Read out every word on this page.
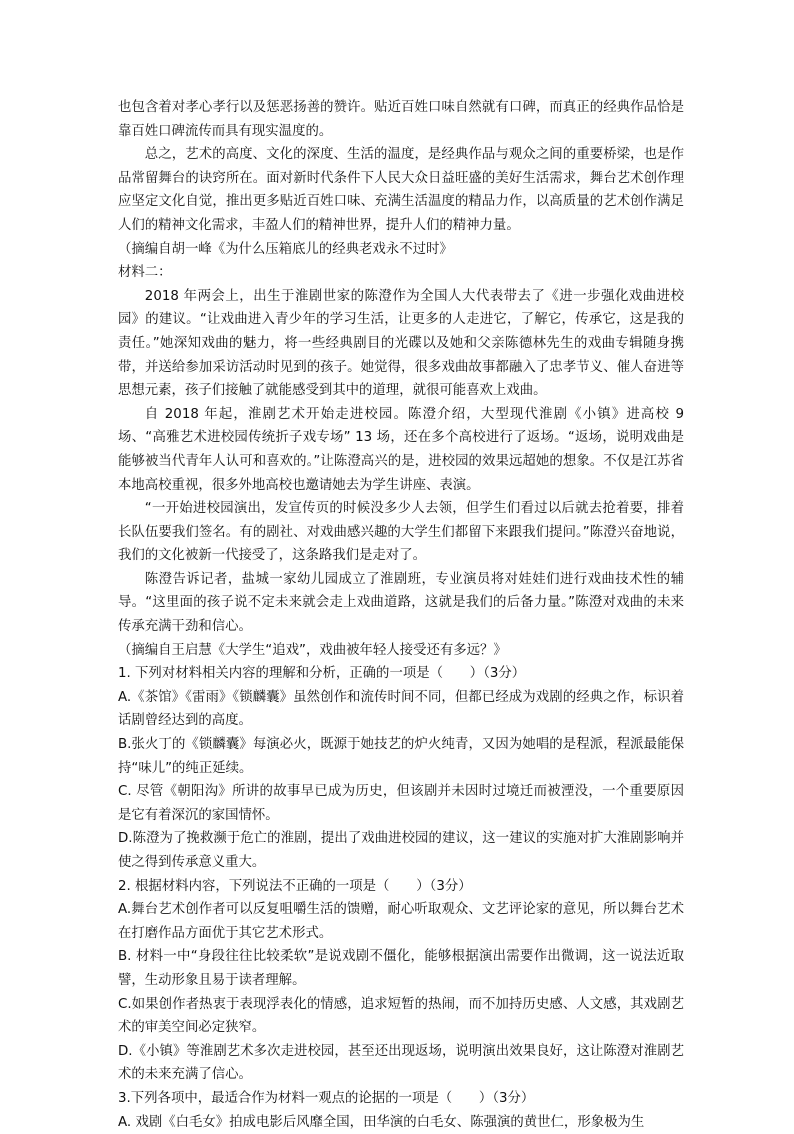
也包含着对孝心孝行以及惩恶扬善的赞许。贴近百姓口味自然就有口碑，而真正的经典作品恰是靠百姓口碑流传而具有现实温度的。

总之，艺术的高度、文化的深度、生活的温度，是经典作品与观众之间的重要桥梁，也是作品常留舞台的诀窍所在。面对新时代条件下人民大众日益旺盛的美好生活需求，舞台艺术创作理应坚定文化自觉，推出更多贴近百姓口味、充满生活温度的精品力作，以高质量的艺术创作满足人们的精神文化需求，丰盈人们的精神世界，提升人们的精神力量。

（摘编自胡一峰《为什么压箱底儿的经典老戏永不过时》

材料二：

2018 年两会上，出生于淮剧世家的陈澄作为全国人大代表带去了《进一步强化戏曲进校园》的建议。“让戏曲进入青少年的学习生活，让更多的人走进它，了解它，传承它，这是我的责任。”她深知戏曲的魅力，将一些经典剧目的光碟以及她和父亲陈德林先生的戏曲专辑随身携带，并送给参加采访活动时见到的孩子。她觉得，很多戏曲故事都融入了忠孝节义、催人奋进等思想元素，孩子们接触了就能感受到其中的道理，就很可能喜欢上戏曲。

自 2018 年起，淮剧艺术开始走进校园。陈澄介绍，大型现代淮剧《小镇》进高校 9 场、“高雅艺术进校园传统折子戏专场” 13 场，还在多个高校进行了返场。“返场，说明戏曲是能够被当代青年人认可和喜欢的。”让陈澄高兴的是，进校园的效果远超她的想象。不仅是江苏省本地高校重视，很多外地高校也邀请她去为学生讲座、表演。

“一开始进校园演出，发宣传页的时候没多少人去领，但学生们看过以后就去抢着要，排着长队伍要我们签名。有的剧社、对戏曲感兴趣的大学生们都留下来跟我们提问。”陈澄兴奋地说，我们的文化被新一代接受了，这条路我们是走对了。

陈澄告诉记者，盐城一家幼儿园成立了淮剧班，专业演员将对娃娃们进行戏曲技术性的辅导。“这里面的孩子说不定未来就会走上戏曲道路，这就是我们的后备力量。”陈澄对戏曲的未来传承充满干劲和信心。

（摘编自王启慧《大学生“追戏”，戏曲被年轻人接受还有多远？》

1. 下列对材料相关内容的理解和分析，正确的一项是（　　）（3分）

A.《茶馆》《雷雨》《锁麟囊》虽然创作和流传时间不同，但都已经成为戏剧的经典之作，标识着话剧曾经达到的高度。

B.张火丁的《锁麟囊》每演必火，既源于她技艺的炉火纯青，又因为她唱的是程派，程派最能保持“味儿”的纯正延续。

C. 尽管《朝阳沟》所讲的故事早已成为历史，但该剧并未因时过境迁而被湮没，一个重要原因是它有着深沉的家国情怀。

D.陈澄为了挽救濒于危亡的淮剧，提出了戏曲进校园的建议，这一建议的实施对扩大淮剧影响并使之得到传承意义重大。

2. 根据材料内容，下列说法不正确的一项是（　　）（3分）

A.舞台艺术创作者可以反复咀嚼生活的馈赠，耐心听取观众、文艺评论家的意见，所以舞台艺术在打磨作品方面优于其它艺术形式。

B. 材料一中“身段往往比较柔软”是说戏剧不僵化，能够根据演出需要作出微调，这一说法近取譬，生动形象且易于读者理解。

C.如果创作者热衷于表现浮表化的情感，追求短暂的热闹，而不加持历史感、人文感，其戏剧艺术的审美空间必定狭窄。

D.《小镇》等淮剧艺术多次走进校园，甚至还出现返场，说明演出效果良好，这让陈澄对淮剧艺术的未来充满了信心。

3.下列各项中，最适合作为材料一观点的论据的一项是（　　）（3分）

A. 戏剧《白毛女》拍成电影后风靡全国，田华演的白毛女、陈强演的黄世仁，形象极为生
